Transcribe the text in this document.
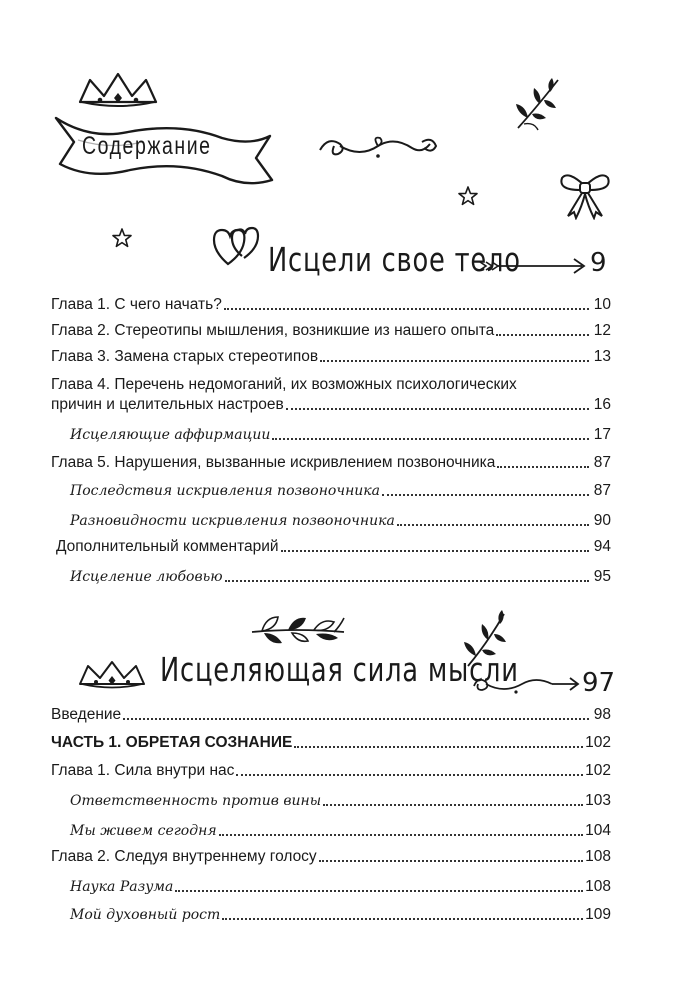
Содержание
Исцели свое тело	9
Глава 1. С чего начать?	10
Глава 2. Стереотипы мышления, возникшие из нашего опыта	12
Глава 3. Замена старых стереотипов	13
Глава 4. Перечень недомоганий, их возможных психологических
причин и целительных настроев	16
Исцеляющие аффирмации	17
Глава 5. Нарушения, вызванные искривлением позвоночника	87
Последствия искривления позвоночника	87
Разновидности искривления позвоночника	90
Дополнительный комментарий	94
Исцеление любовью	95
Исцеляющая сила мысли 97
Введение	98
ЧАСТЬ 1. ОБРЕТАЯ СОЗНАНИЕ	102
Глава 1. Сила внутри нас	102
Ответственность против вины	103
Мы живем сегодня	104
Глава 2. Следуя внутреннему голосу	108
Наука Разума	108
Мой духовный рост	109
